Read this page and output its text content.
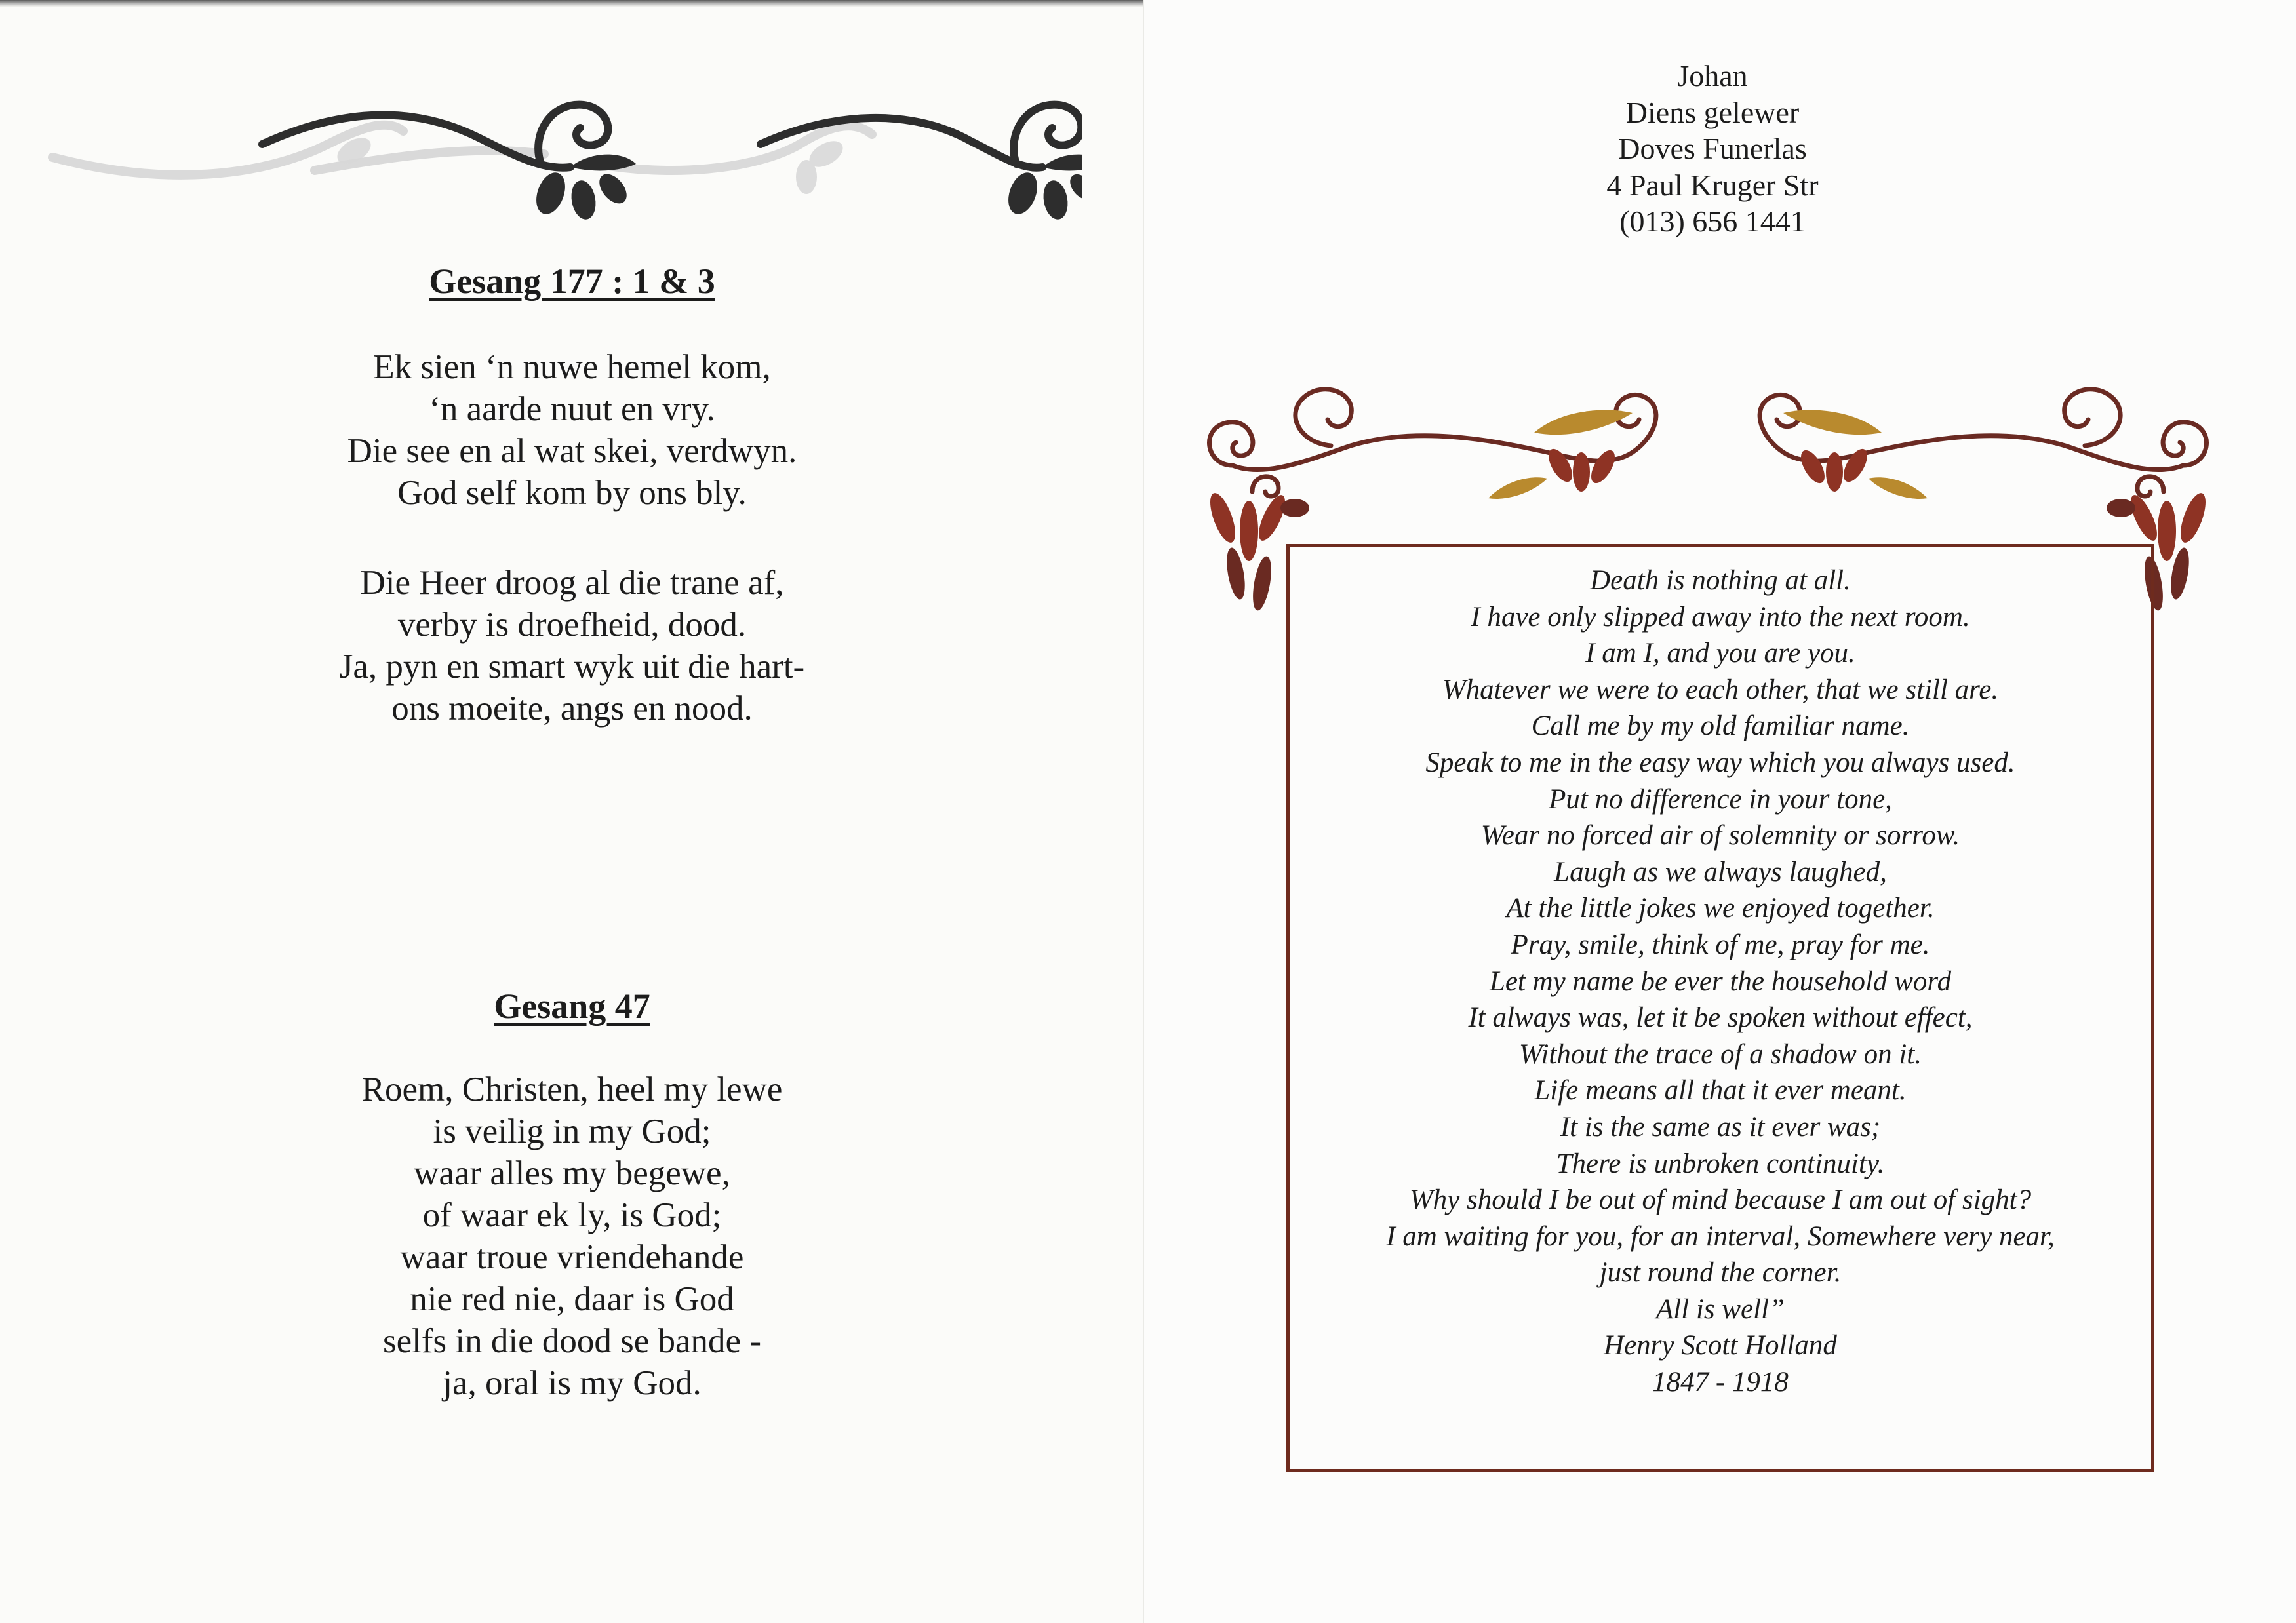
Gesang 177 : 1 & 3
Ek sien ‘n nuwe hemel kom,
‘n aarde nuut en vry.
Die see en al wat skei, verdwyn.
God self kom by ons bly.
Die Heer droog al die trane af,
verby is droefheid, dood.
Ja, pyn en smart wyk uit die hart-
ons moeite, angs en nood.
Gesang 47
Roem, Christen, heel my lewe
is veilig in my God;
waar alles my begewe,
of waar ek ly, is God;
waar troue vriendehande
nie red nie, daar is God
selfs in die dood se bande -
ja, oral is my God.
Johan
Diens gelewer
Doves Funerlas
4 Paul Kruger Str
(013) 656 1441
Death is nothing at all.
I have only slipped away into the next room.
I am I, and you are you.
Whatever we were to each other, that we still are.
Call me by my old familiar name.
Speak to me in the easy way which you always used.
Put no difference in your tone,
Wear no forced air of solemnity or sorrow.
Laugh as we always laughed,
At the little jokes we enjoyed together.
Pray, smile, think of me, pray for me.
Let my name be ever the household word
It always was, let it be spoken without effect,
Without the trace of a shadow on it.
Life means all that it ever meant.
It is the same as it ever was;
There is unbroken continuity.
Why should I be out of mind because I am out of sight?
I am waiting for you, for an interval, Somewhere very near,
just round the corner.
All is well”
Henry Scott Holland
1847 - 1918
